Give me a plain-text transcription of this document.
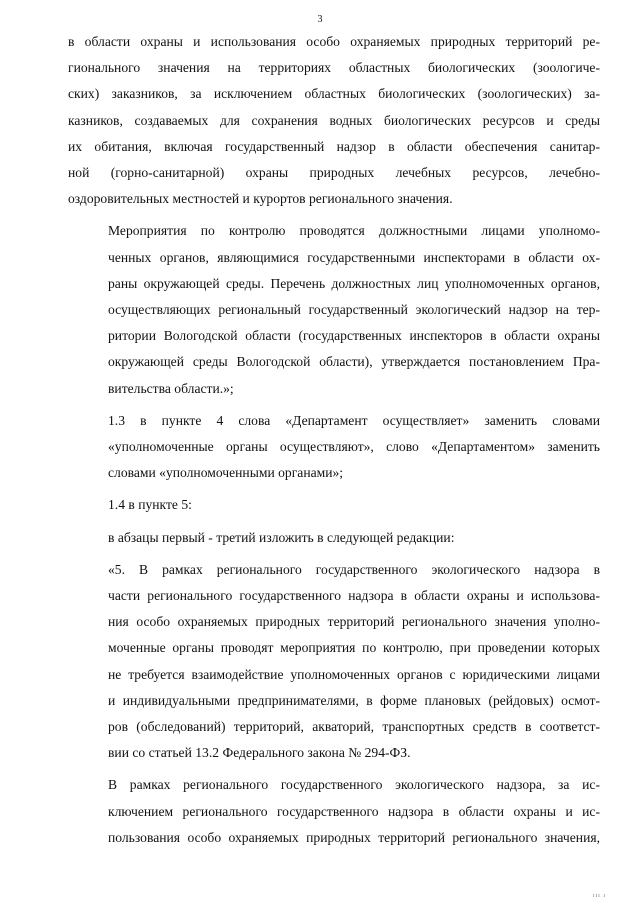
3
в области охраны и использования особо охраняемых природных территорий ре-
гионального значения на территориях областных биологических (зоологиче-
ских) заказников, за исключением областных биологических (зоологических) за-
казников, создаваемых для сохранения водных биологических ресурсов и среды
их обитания, включая государственный надзор в области обеспечения санитар-
ной (горно-санитарной) охраны природных лечебных ресурсов, лечебно-
оздоровительных местностей и курортов регионального значения.
Мероприятия по контролю проводятся должностными лицами уполномо-
ченных органов, являющимися государственными инспекторами в области ох-
раны окружающей среды. Перечень должностных лиц уполномоченных органов,
осуществляющих региональный государственный экологический надзор на тер-
ритории Вологодской области (государственных инспекторов в области охраны
окружающей среды Вологодской области), утверждается постановлением Пра-
вительства области.»;
1.3 в пункте 4 слова «Департамент осуществляет» заменить словами
«уполномоченные органы осуществляют», слово «Департаментом» заменить
словами «уполномоченными органами»;
1.4 в пункте 5:
в абзацы первый - третий изложить в следующей редакции:
«5. В рамках регионального государственного экологического надзора в
части регионального государственного надзора в области охраны и использова-
ния особо охраняемых природных территорий регионального значения уполно-
моченные органы проводят мероприятия по контролю, при проведении которых
не требуется взаимодействие уполномоченных органов с юридическими лицами
и индивидуальными предпринимателями, в форме плановых (рейдовых) осмот-
ров (обследований) территорий, акваторий, транспортных средств в соответст-
вии со статьей 13.2 Федерального закона № 294-ФЗ.
В рамках регионального государственного экологического надзора, за ис-
ключением регионального государственного надзора в области охраны и ис-
пользования особо охраняемых природных территорий регионального значения,
ııı ı
